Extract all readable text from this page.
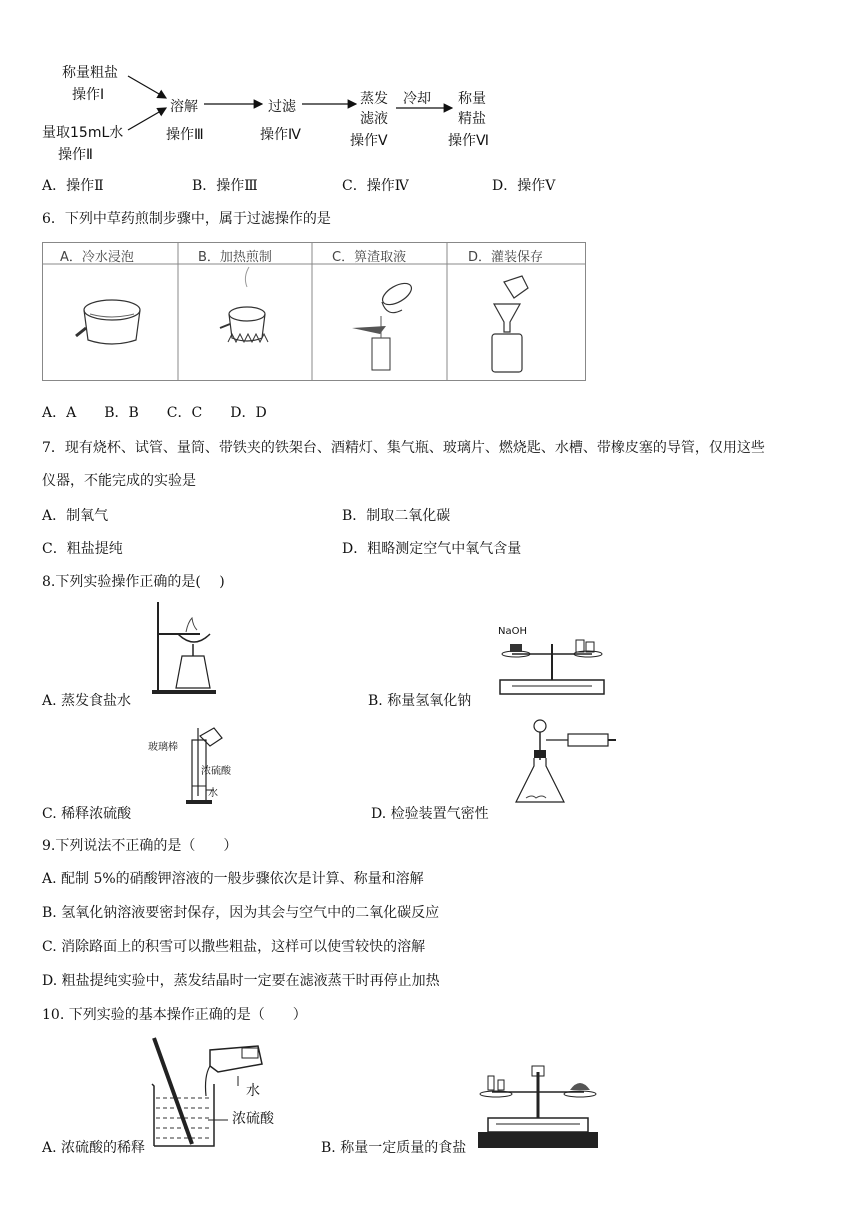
称量粗盐
操作Ⅰ
量取15mL水
操作Ⅱ
溶解
操作Ⅲ
过滤
操作Ⅳ
蒸发
滤液
操作Ⅴ
冷却 称量
精盐
操作Ⅵ
A．操作Ⅱ	B．操作Ⅲ	C．操作Ⅳ	D．操作Ⅴ
6．下列中草药煎制步骤中，属于过滤操作的是
A．冷水浸泡	B．加热煎制	C．箅渣取液	D．灌装保存
A．A　　B．B　　C．C　　D．D
7．现有烧杯、试管、量筒、带铁夹的铁架台、酒精灯、集气瓶、玻璃片、燃烧匙、水槽、带橡皮塞的导管，仅用这些
仪器，不能完成的实验是
A．制氧气	B．制取二氧化碳
C．粗盐提纯	D．粗略测定空气中氧气含量
8.下列实验操作正确的是(　 )
A. 蒸发食盐水
NaOH
B. 称量氢氧化钠
玻璃棒
浓硫酸
水
C. 稀释浓硫酸	D. 检验装置气密性
9.下列说法不正确的是（　　）
A. 配制 5%的硝酸钾溶液的一般步骤依次是计算、称量和溶解
B. 氢氧化钠溶液要密封保存，因为其会与空气中的二氧化碳反应
C. 消除路面上的积雪可以撒些粗盐，这样可以使雪较快的溶解
D. 粗盐提纯实验中，蒸发结晶时一定要在滤液蒸干时再停止加热
10. 下列实验的基本操作正确的是（　　）
水
浓硫酸
A. 浓硫酸的稀释	B. 称量一定质量的食盐
